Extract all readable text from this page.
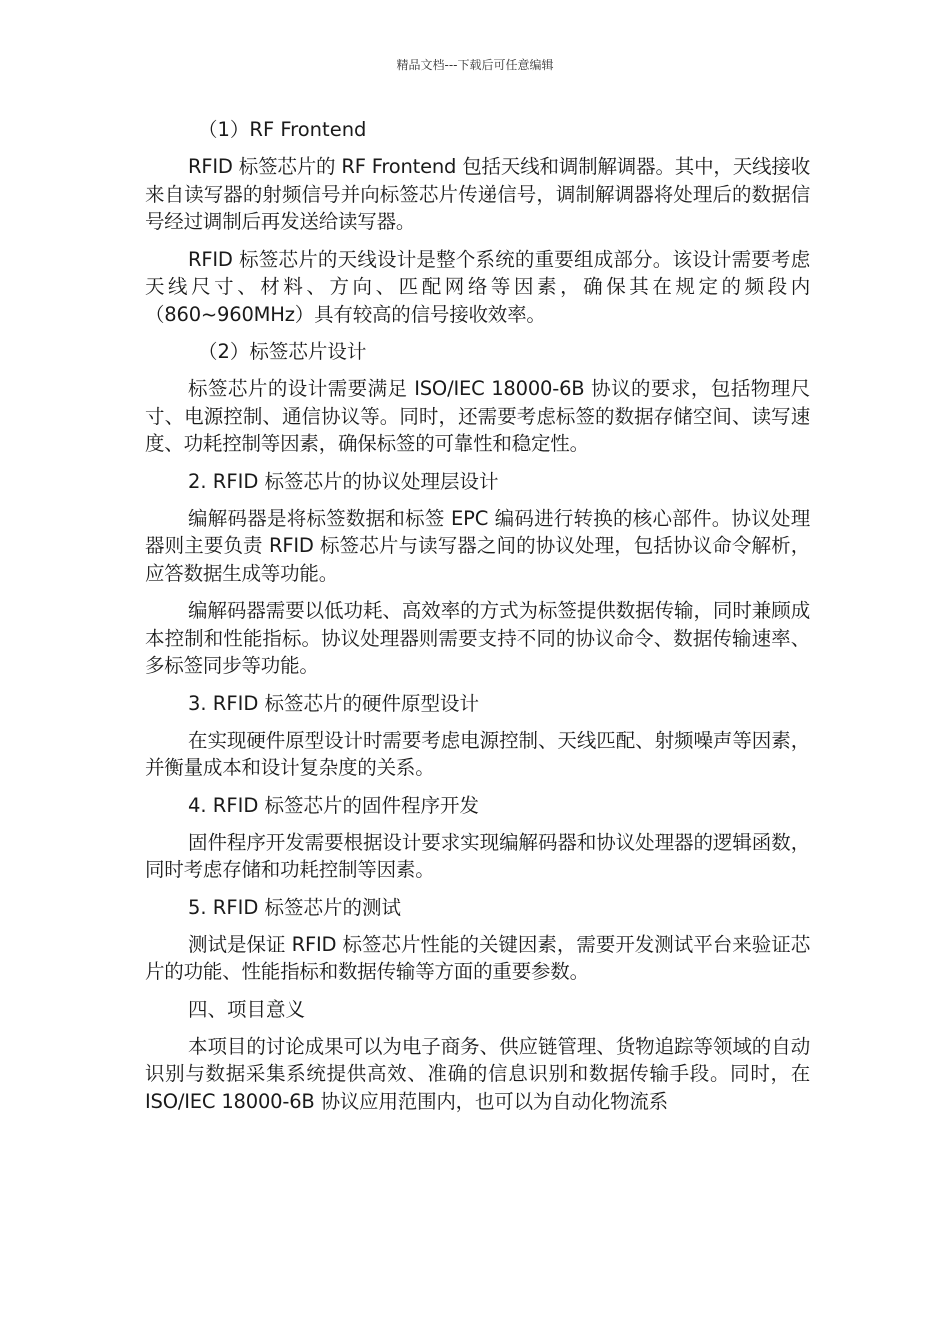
精品文档---下载后可任意编辑
（1）RF Frontend

RFID 标签芯片的 RF Frontend 包括天线和调制解调器。其中，天线接收来自读写器的射频信号并向标签芯片传递信号，调制解调器将处理后的数据信号经过调制后再发送给读写器。

RFID 标签芯片的天线设计是整个系统的重要组成部分。该设计需要考虑天线尺寸、材料、方向、匹配网络等因素，确保其在规定的频段内（860~960MHz）具有较高的信号接收效率。

（2）标签芯片设计

标签芯片的设计需要满足 ISO/IEC 18000-6B 协议的要求，包括物理尺寸、电源控制、通信协议等。同时，还需要考虑标签的数据存储空间、读写速度、功耗控制等因素，确保标签的可靠性和稳定性。

2. RFID 标签芯片的协议处理层设计

编解码器是将标签数据和标签 EPC 编码进行转换的核心部件。协议处理器则主要负责 RFID 标签芯片与读写器之间的协议处理，包括协议命令解析，应答数据生成等功能。

编解码器需要以低功耗、高效率的方式为标签提供数据传输，同时兼顾成本控制和性能指标。协议处理器则需要支持不同的协议命令、数据传输速率、多标签同步等功能。

3. RFID 标签芯片的硬件原型设计

在实现硬件原型设计时需要考虑电源控制、天线匹配、射频噪声等因素，并衡量成本和设计复杂度的关系。

4. RFID 标签芯片的固件程序开发

固件程序开发需要根据设计要求实现编解码器和协议处理器的逻辑函数，同时考虑存储和功耗控制等因素。

5. RFID 标签芯片的测试

测试是保证 RFID 标签芯片性能的关键因素，需要开发测试平台来验证芯片的功能、性能指标和数据传输等方面的重要参数。

四、项目意义

本项目的讨论成果可以为电子商务、供应链管理、货物追踪等领域的自动识别与数据采集系统提供高效、准确的信息识别和数据传输手段。同时，在 ISO/IEC 18000-6B 协议应用范围内，也可以为自动化物流系
